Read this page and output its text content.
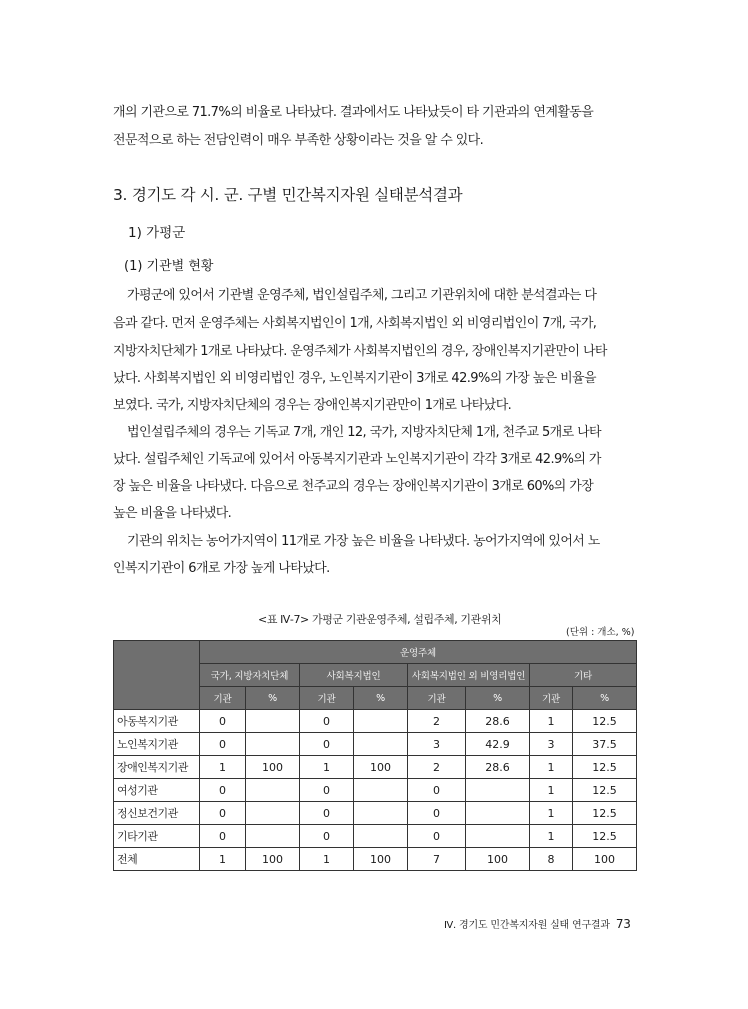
개의 기관으로 71.7%의 비율로 나타났다. 결과에서도 나타났듯이 타 기관과의 연계활동을
전문적으로 하는 전담인력이 매우 부족한 상황이라는 것을 알 수 있다.
3. 경기도 각 시. 군. 구별 민간복지자원 실태분석결과
1) 가평군
(1) 기관별 현황
가평군에 있어서 기관별 운영주체, 법인설립주체, 그리고 기관위치에 대한 분석결과는 다
음과 같다. 먼저 운영주체는 사회복지법인이 1개, 사회복지법인 외 비영리법인이 7개, 국가,
지방자치단체가 1개로 나타났다. 운영주체가 사회복지법인의 경우, 장애인복지기관만이 나타
났다. 사회복지법인 외 비영리법인 경우, 노인복지기관이 3개로 42.9%의 가장 높은 비율을
보였다. 국가, 지방자치단체의 경우는 장애인복지기관만이 1개로 나타났다.
법인설립주체의 경우는 기독교 7개, 개인 12, 국가, 지방자치단체 1개, 천주교 5개로 나타
났다. 설립주체인 기독교에 있어서 아동복지기관과 노인복지기관이 각각 3개로 42.9%의 가
장 높은 비율을 나타냈다. 다음으로 천주교의 경우는 장애인복지기관이 3개로 60%의 가장
높은 비율을 나타냈다.
기관의 위치는 농어가지역이 11개로 가장 높은 비율을 나타냈다. 농어가지역에 있어서 노
인복지기관이 6개로 가장 높게 나타났다.
<표 Ⅳ-7> 가평군 기관운영주체, 설립주체, 기관위치
(단위 : 개소, %)
	운영주체							
	국가, 지방자치단체		사회복지법인		사회복지법인 외 비영리법인		기타	
	기관	%	기관	%	기관	%	기관	%
아동복지기관	0		0		2	28.6	1	12.5
노인복지기관	0		0		3	42.9	3	37.5
장애인복지기관	1	100	1	100	2	28.6	1	12.5
여성기관	0		0		0		1	12.5
정신보건기관	0		0		0		1	12.5
기타기관	0		0		0		1	12.5
전체	1	100	1	100	7	100	8	100
Ⅳ. 경기도 민간복지자원 실태 연구결과 73
